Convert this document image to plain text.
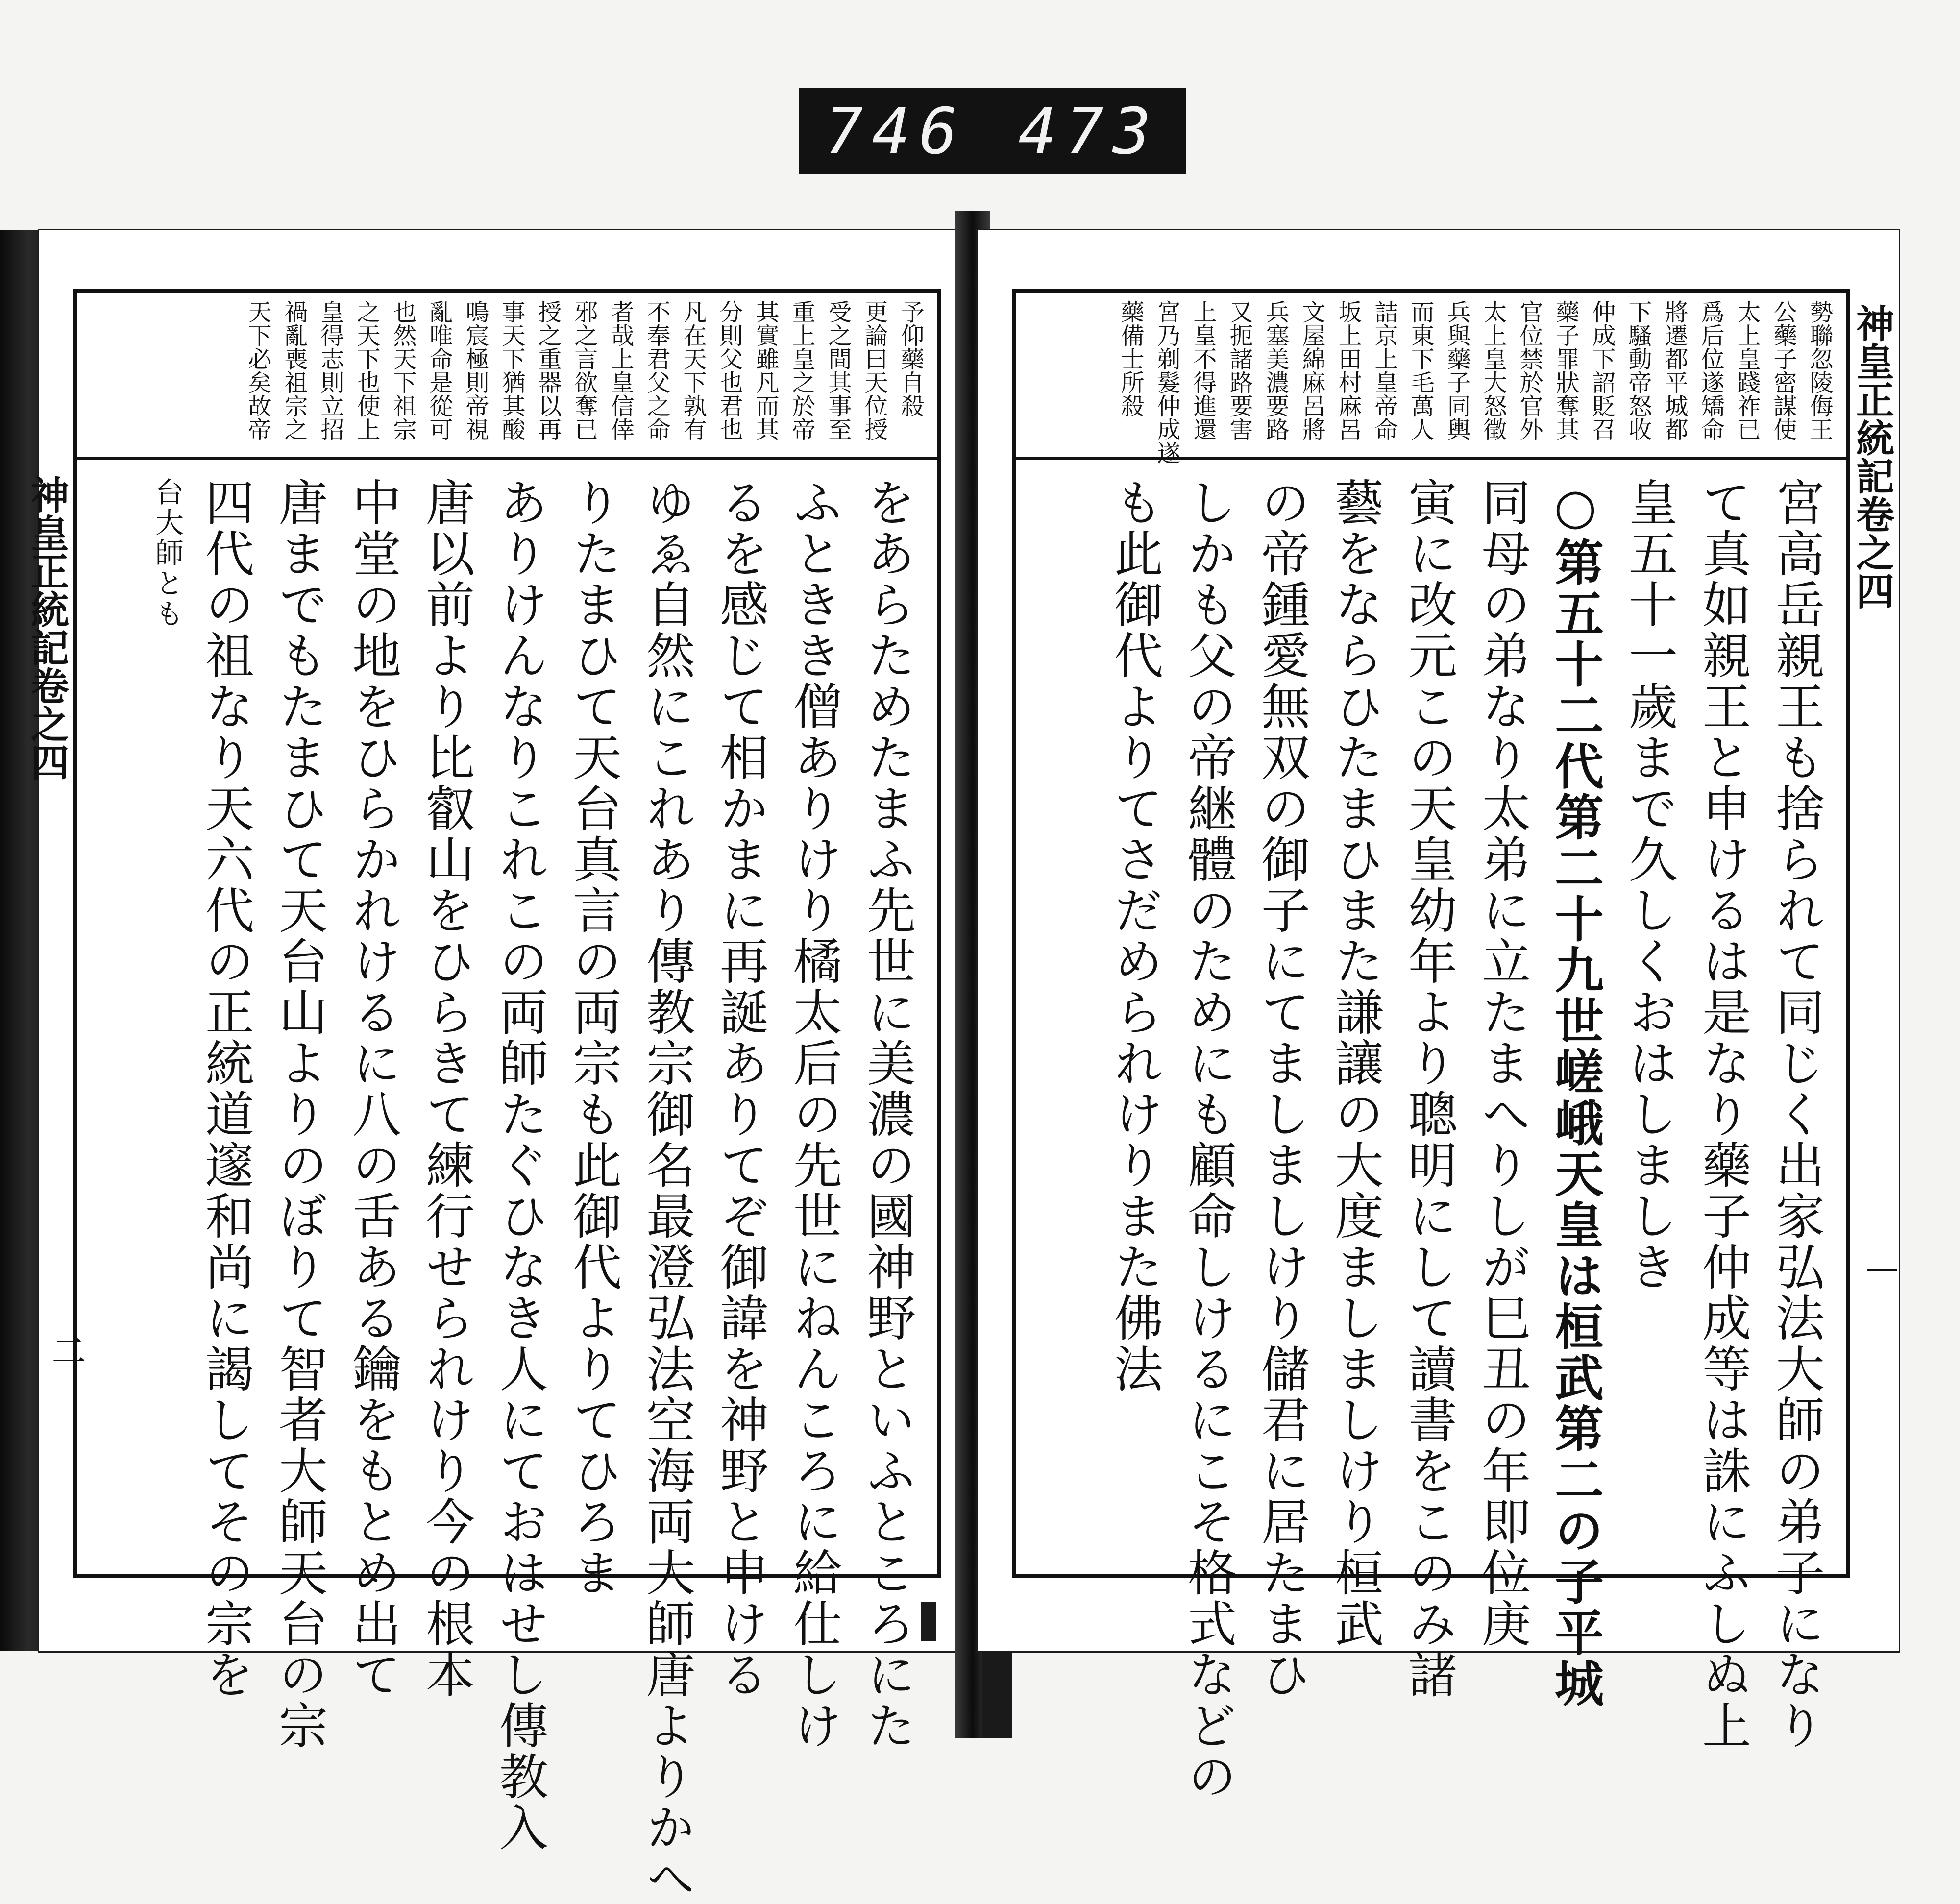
746 473
神皇正統記卷之四
二
予仰藥自殺
更論曰天位授
受之間其事至
重上皇之於帝
其實雖凡而其
分則父也君也
凡在天下孰有
不奉君父之命
者哉上皇信倖
邪之言欲奪已
授之重器以再
事天下猶其酸
鳴宸極則帝視
亂唯命是從可
也然天下祖宗
之天下也使上
皇得志則立招
禍亂喪祖宗之
天下必矣故帝
をあらためたまふ先世に美濃の國神野といふところにた
ふときき僧ありけり橘太后の先世にねんころに給仕しけ
るを感じて相かまに再誕ありてぞ御諱を神野と申ける
ゆゑ自然にこれあり傳教宗御名最澄弘法空海両大師唐よりかへ
りたまひて天台真言の両宗も此御代よりてひろま
ありけんなりこれこの両師たぐひなき人にておはせし傳教入
唐以前より比叡山をひらきて練行せられけり今の根本
中堂の地をひらかれけるに八の舌ある鑰をもとめ出て
唐までもたまひて天台山よりのぼりて智者大師天台の宗
四代の祖なり天六代の正統道邃和尚に謁してその宗を
台大師とも	神皇正統記卷之四
勢聯忽陵侮王
公藥子密謀使
太上皇踐祚已
爲后位遂矯命
將遷都平城都
下騷動帝怒收
仲成下詔貶召
藥子罪狀奪其
官位禁於官外
太上皇大怒徵
兵與藥子同輿
而東下毛萬人
詰京上皇帝命
坂上田村麻呂
文屋綿麻呂將
兵塞美濃要路
又扼諸路要害
上皇不得進還
宮乃剃髮仲成遂
藥備士所殺
宮高岳親王も捨られて同じく出家弘法大師の弟子になり
て真如親王と申けるは是なり藥子仲成等は誅にふしぬ上
皇五十一歲まで久しくおはしましき
○第五十二代第二十九世嵯峨天皇は桓武第二の子平城
同母の弟なり太弟に立たまへりしが巳丑の年即位庚
寅に改元この天皇幼年より聰明にして讀書をこのみ諸
藝をならひたまひまた謙讓の大度ましましけり桓武
の帝鍾愛無双の御子にてましましけり儲君に居たまひ
しかも父の帝継體のためにも顧命しけるにこそ格式などの
も此御代よりてさだめられけりまた佛法
